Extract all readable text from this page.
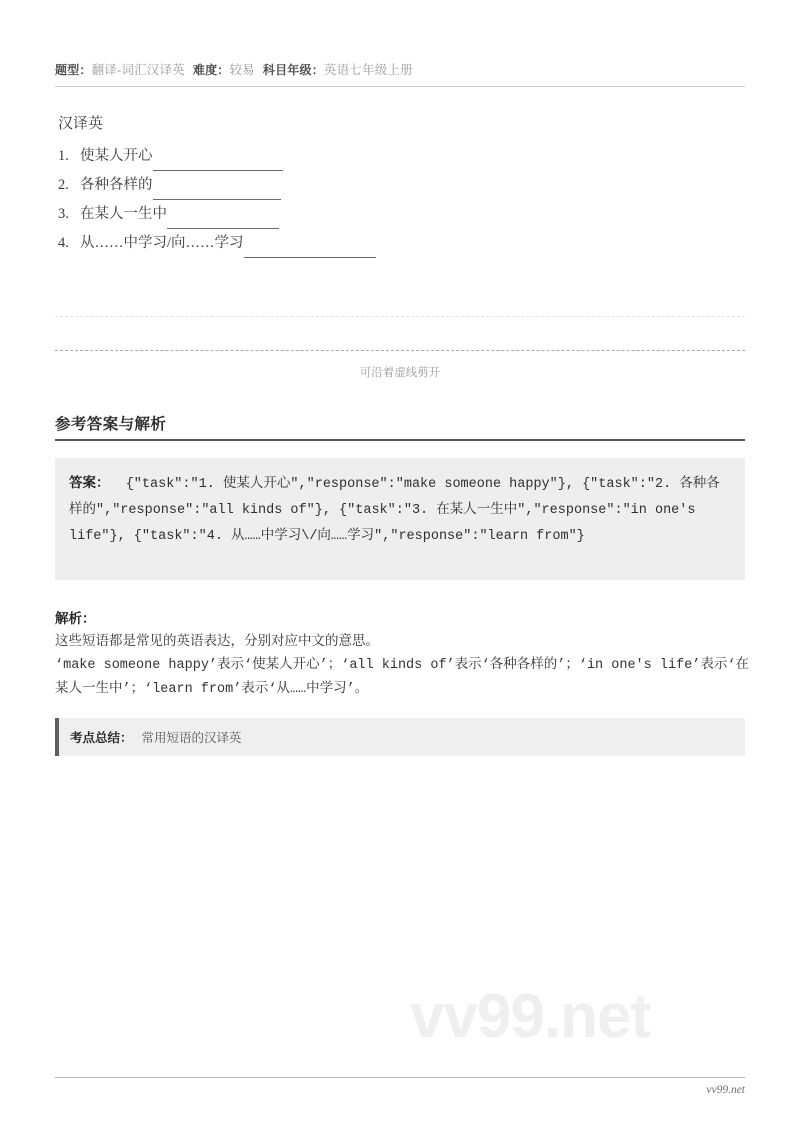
题型：翻译-词汇汉译英 难度：较易 科目年级：英语七年级上册
汉译英
1. 使某人开心
2. 各种各样的
3. 在某人一生中
4. 从……中学习/向……学习
可沿着虚线剪开
参考答案与解析
答案： {"task":"1. 使某人开心","response":"make someone happy"}, {"task":"2. 各种各样的","response":"all kinds of"}, {"task":"3. 在某人一生中","response":"in one's life"}, {"task":"4. 从……中学习\/向……学习","response":"learn from"}
解析：
这些短语都是常见的英语表达，分别对应中文的意思。
‘make someone happy’表示‘使某人开心’；‘all kinds of’表示‘各种各样的’；‘in one's life’表示‘在某人一生中’；‘learn from’表示‘从……中学习’。
考点总结： 常用短语的汉译英
vv99.net
vv99.net
